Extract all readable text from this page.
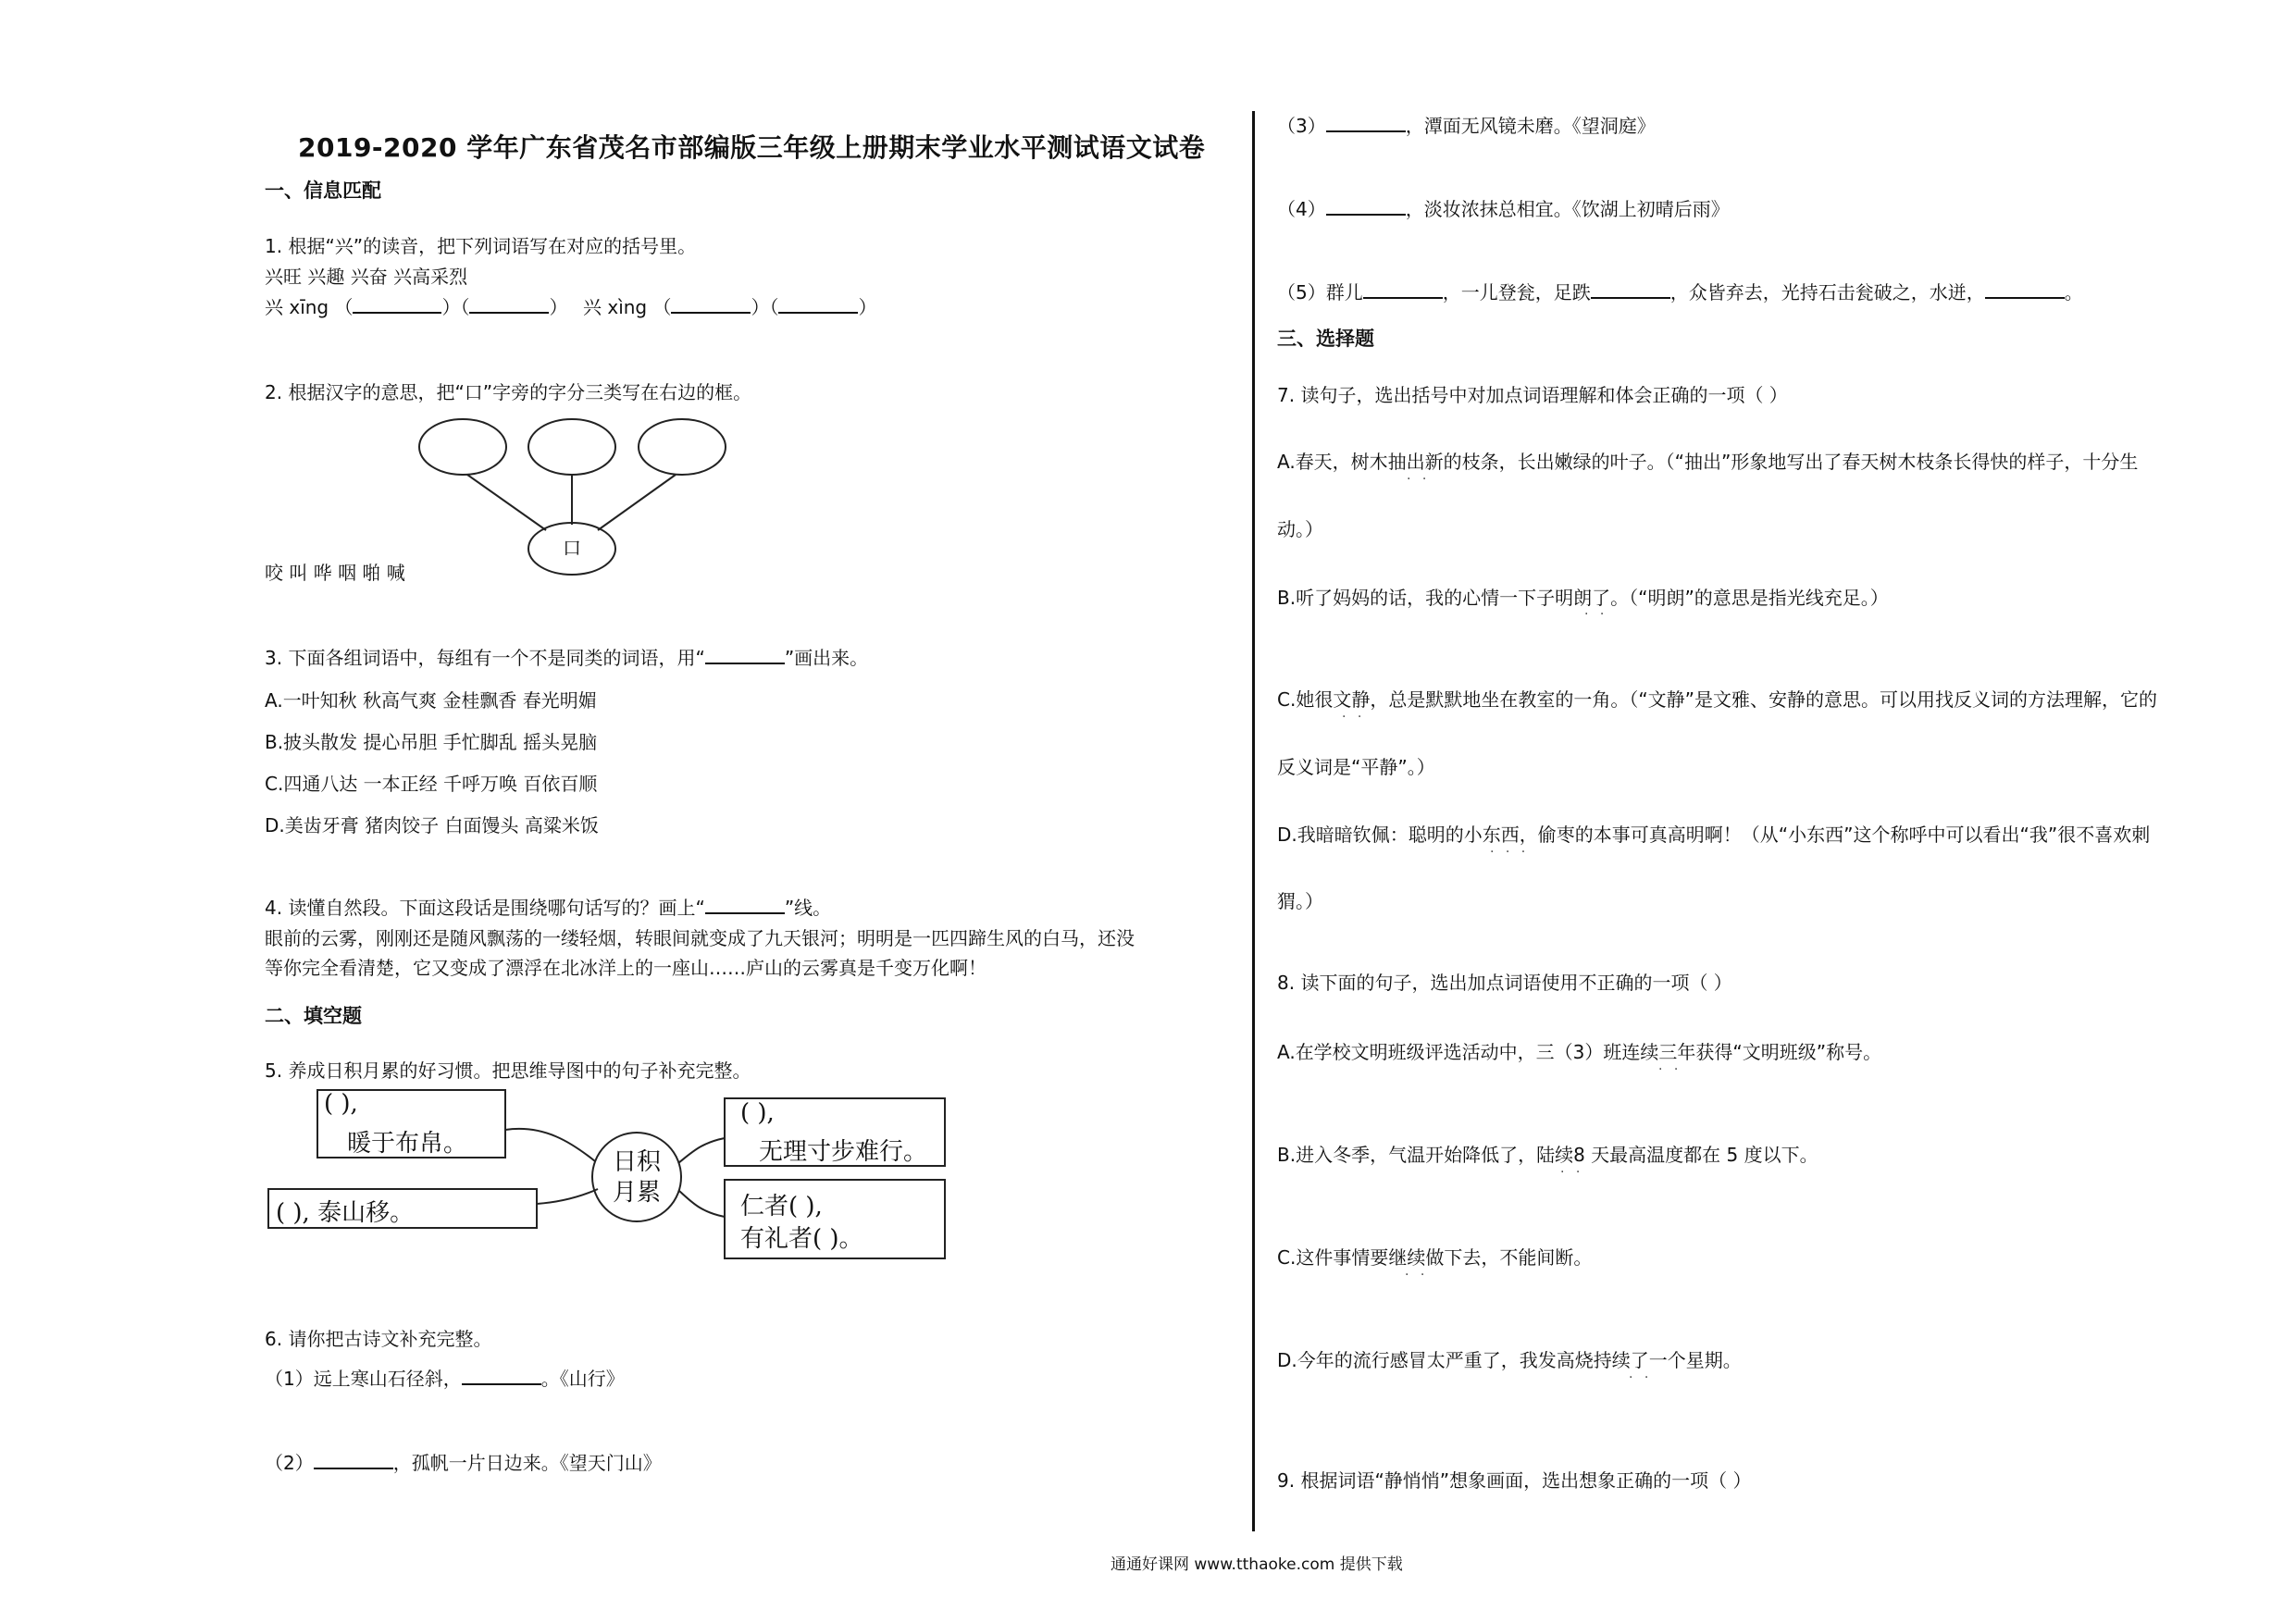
2019-2020 学年广东省茂名市部编版三年级上册期末学业水平测试语文试卷
一、信息匹配
1. 根据“兴”的读音，把下列词语写在对应的括号里。
兴旺 兴趣 兴奋 兴高采烈
兴 xīng （	）（	） 兴 xìng （	）（	）
2. 根据汉字的意思，把“口”字旁的字分三类写在右边的框。
口
咬 叫 哗 咽 啪 喊
3. 下面各组词语中，每组有一个不是同类的词语，用“	”画出来。
A.一叶知秋 秋高气爽 金桂飘香 春光明媚
B.披头散发 提心吊胆 手忙脚乱 摇头晃脑
C.四通八达 一本正经 千呼万唤 百依百顺
D.美齿牙膏 猪肉饺子 白面馒头 高粱米饭
4. 读懂自然段。下面这段话是围绕哪句话写的？画上“	”线。
眼前的云雾，刚刚还是随风飘荡的一缕轻烟，转眼间就变成了九天银河；明明是一匹四蹄生风的白马，还没
等你完全看清楚，它又变成了漂浮在北冰洋上的一座山……庐山的云雾真是千变万化啊！
二、填空题
5. 养成日积月累的好习惯。把思维导图中的句子补充完整。
( ),
暖于布帛。
( ),
无理寸步难行。
( ), 泰山移。	仁者( ),
有礼者( )。
日积
月累
6. 请你把古诗文补充完整。
（1）远上寒山石径斜，	。《山行》
（2）	，孤帆一片日边来。《望天门山》
（3）	，潭面无风镜未磨。《望洞庭》
（4）	，淡妆浓抹总相宜。《饮湖上初晴后雨》
（5）群儿	，一儿登瓮，足跌	，众皆弃去，光持石击瓮破之，水迸，	。
三、选择题
7. 读句子，选出括号中对加点词语理解和体会正确的一项（ ）
A.春天，树木抽出新的枝条，长出嫩绿的叶子。（“抽出”形象地写出了春天树木枝条长得快的样子，十分生
· ·
动。）
B.听了妈妈的话，我的心情一下子明朗了。（“明朗”的意思是指光线充足。）
· ·
C.她很文静，总是默默地坐在教室的一角。（“文静”是文雅、安静的意思。可以用找反义词的方法理解，它的
· ·
反义词是“平静”。）
D.我暗暗钦佩：聪明的小东西，偷枣的本事可真高明啊！（从“小东西”这个称呼中可以看出“我”很不喜欢刺
· · ·
猬。）
8. 读下面的句子，选出加点词语使用不正确的一项（ ）
A.在学校文明班级评选活动中，三（3）班连续三年获得“文明班级”称号。
· ·
B.进入冬季，气温开始降低了，陆续8 天最高温度都在 5 度以下。
· ·
C.这件事情要继续做下去，不能间断。
· ·
D.今年的流行感冒太严重了，我发高烧持续了一个星期。
· ·
9. 根据词语“静悄悄”想象画面，选出想象正确的一项（ ）
通通好课网 www.tthaoke.com 提供下载
